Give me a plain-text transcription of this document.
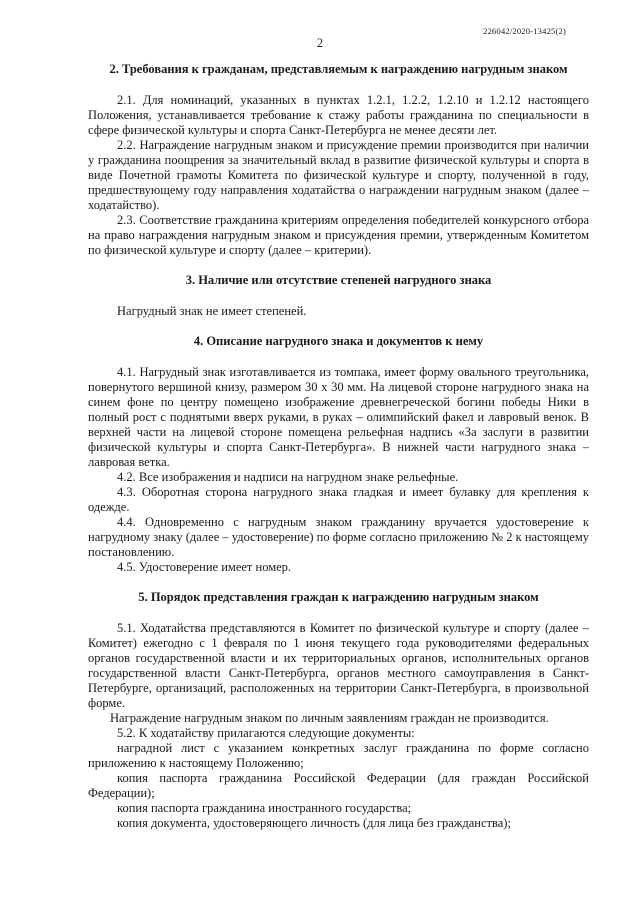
226042/2020-13425(2)
2
2. Требования к гражданам, представляемым к награждению нагрудным знаком

2.1. Для номинаций, указанных в пунктах 1.2.1, 1.2.2, 1.2.10 и 1.2.12 настоящего Положения, устанавливается требование к стажу работы гражданина по специальности в сфере физической культуры и спорта Санкт-Петербурга не менее десяти лет.

2.2. Награждение нагрудным знаком и присуждение премии производится при наличии у гражданина поощрения за значительный вклад в развитие физической культуры и спорта в виде Почетной грамоты Комитета по физической культуре и спорту, полученной в году, предшествующему году направления ходатайства о награждении нагрудным знаком (далее – ходатайство).

2.3. Соответствие гражданина критериям определения победителей конкурсного отбора на право награждения нагрудным знаком и присуждения премии, утвержденным Комитетом по физической культуре и спорту (далее – критерии).

3. Наличие или отсутствие степеней нагрудного знака

Нагрудный знак не имеет степеней.

4. Описание нагрудного знака и документов к нему

4.1. Нагрудный знак изготавливается из томпака, имеет форму овального треугольника, повернутого вершиной книзу, размером 30 х 30 мм. На лицевой стороне нагрудного знака на синем фоне по центру помещено изображение древнегреческой богини победы Ники в полный рост с поднятыми вверх руками, в руках – олимпийский факел и лавровый венок. В верхней части на лицевой стороне помещена рельефная надпись «За заслуги в развитии физической культуры и спорта Санкт-Петербурга». В нижней части нагрудного знака – лавровая ветка.

4.2. Все изображения и надписи на нагрудном знаке рельефные.

4.3. Оборотная сторона нагрудного знака гладкая и имеет булавку для крепления к одежде.

4.4. Одновременно с нагрудным знаком гражданину вручается удостоверение к нагрудному знаку (далее – удостоверение) по форме согласно приложению № 2 к настоящему постановлению.

4.5. Удостоверение имеет номер.

5. Порядок представления граждан к награждению нагрудным знаком

5.1. Ходатайства представляются в Комитет по физической культуре и спорту (далее – Комитет) ежегодно с 1 февраля по 1 июня текущего года руководителями федеральных органов государственной власти и их территориальных органов, исполнительных органов государственной власти Санкт-Петербурга, органов местного самоуправления в Санкт-Петербурге, организаций, расположенных на территории Санкт-Петербурга, в произвольной форме.

Награждение нагрудным знаком по личным заявлениям граждан не производится.

5.2. К ходатайству прилагаются следующие документы:

наградной лист с указанием конкретных заслуг гражданина по форме согласно приложению к настоящему Положению;

копия паспорта гражданина Российской Федерации (для граждан Российской Федерации);

копия паспорта гражданина иностранного государства;

копия документа, удостоверяющего личность (для лица без гражданства);
